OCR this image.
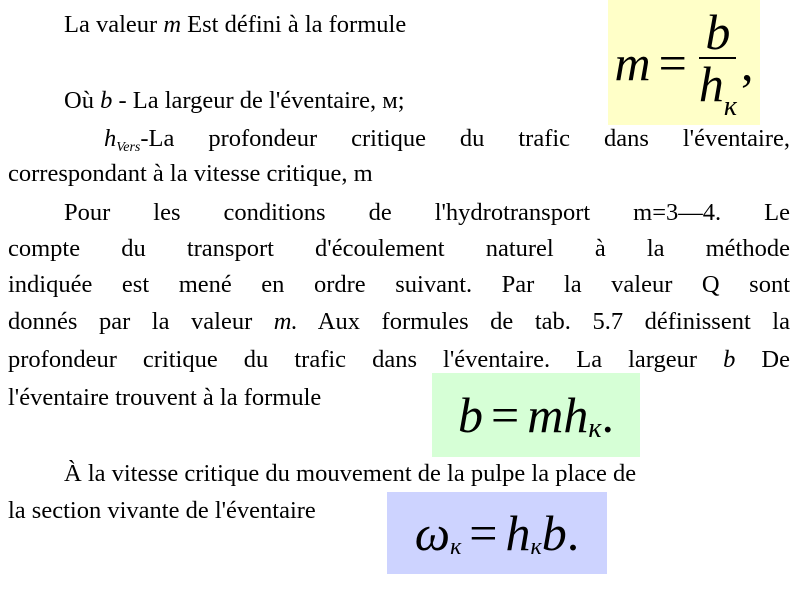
$m = \frac{b}{h_к}$ ,
b = mh к .
ω к = h к b .
La valeur m Est défini à la formule
Où b - La largeur de l'éventaire, м;
$h_{Vers}-La$ profondeur critique du trafic dans l'éventaire,
correspondant à la vitesse critique, m
Pour les conditions de l'hydrotransport m=3—4. Le
compte du transport d'écoulement naturel à la méthode
indiquée est mené en ordre suivant. Par la valeur Q sont
donnés par la valeur m. Aux formules de tab. 5.7 définissent la
profondeur critique du trafic dans l'éventaire. La largeur b De
l'éventaire trouvent à la formule
À la vitesse critique du mouvement de la pulpe la place de
la section vivante de l'éventaire
